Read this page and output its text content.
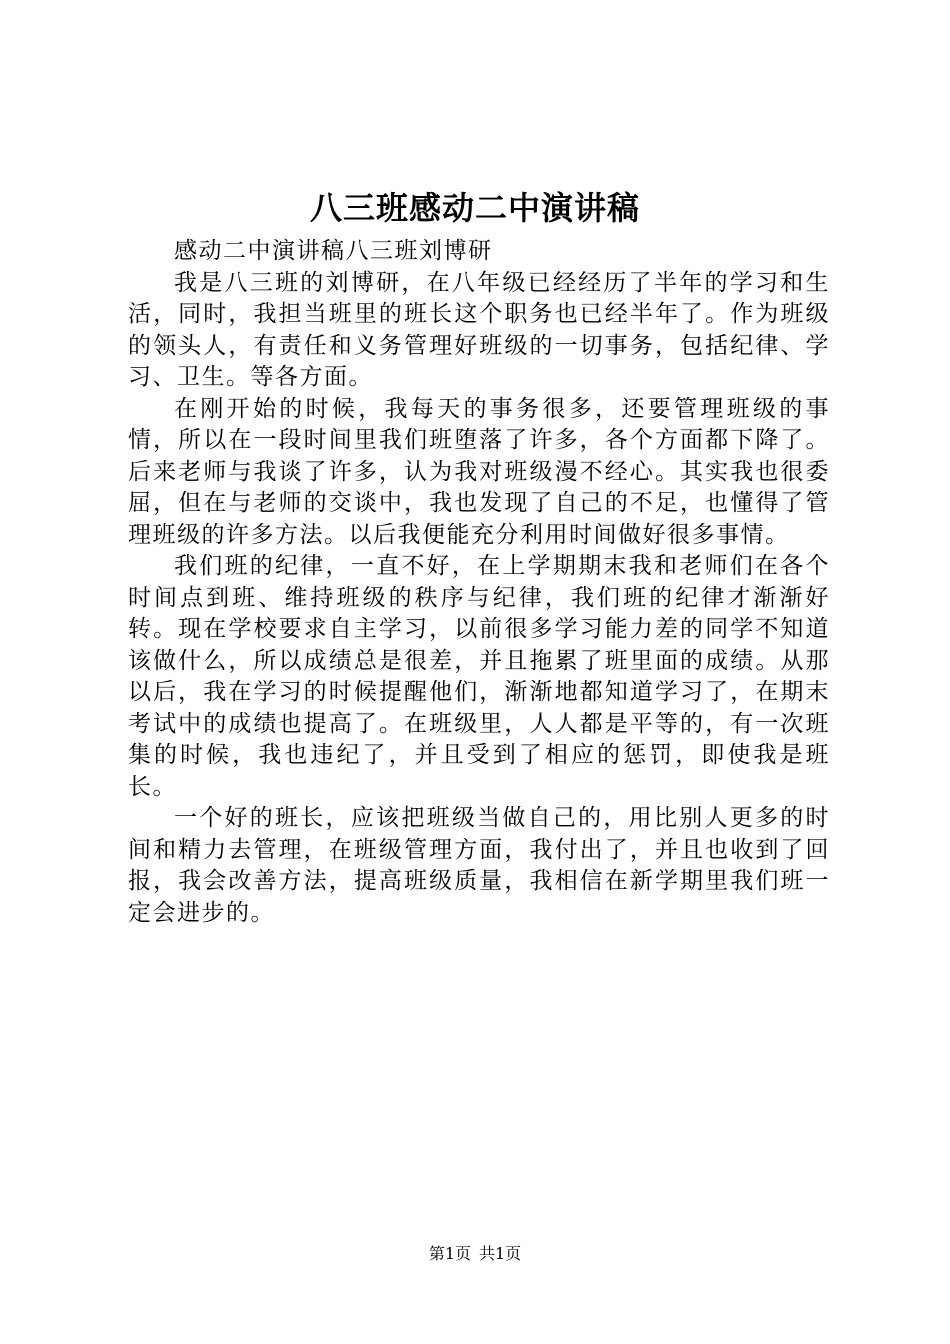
八三班感动二中演讲稿

感动二中演讲稿八三班刘博研

我是八三班的刘博研，在八年级已经经历了半年的学习和生活，同时，我担当班里的班长这个职务也已经半年了。作为班级的领头人，有责任和义务管理好班级的一切事务，包括纪律、学习、卫生。等各方面。

在刚开始的时候，我每天的事务很多，还要管理班级的事情，所以在一段时间里我们班堕落了许多，各个方面都下降了。后来老师与我谈了许多，认为我对班级漫不经心。其实我也很委屈，但在与老师的交谈中，我也发现了自己的不足，也懂得了管理班级的许多方法。以后我便能充分利用时间做好很多事情。

我们班的纪律，一直不好，在上学期期末我和老师们在各个时间点到班、维持班级的秩序与纪律，我们班的纪律才渐渐好转。现在学校要求自主学习，以前很多学习能力差的同学不知道该做什么，所以成绩总是很差，并且拖累了班里面的成绩。从那以后，我在学习的时候提醒他们，渐渐地都知道学习了，在期末考试中的成绩也提高了。在班级里，人人都是平等的，有一次班集的时候，我也违纪了，并且受到了相应的惩罚，即使我是班长。

一个好的班长，应该把班级当做自己的，用比别人更多的时间和精力去管理，在班级管理方面，我付出了，并且也收到了回报，我会改善方法，提高班级质量，我相信在新学期里我们班一定会进步的。

第1页 共1页
